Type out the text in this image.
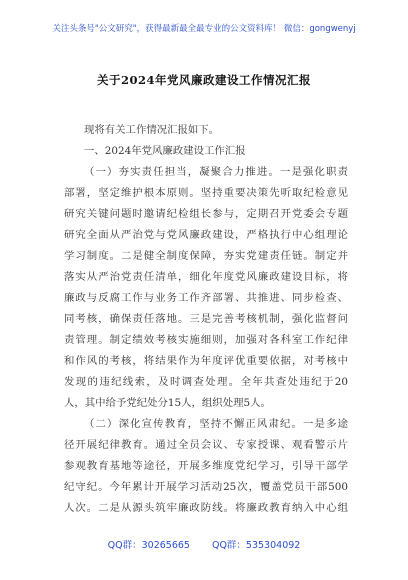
关注头条号"公文研究"，获得最新最全最专业的公文资料库！ 微信：gongwenyj
关于2024年党风廉政建设工作情况汇报
现将有关工作情况汇报如下。
一、2024年党风廉政建设工作汇报
（一）夯实责任担当，凝聚合力推进。一是强化职责
部署，坚定维护根本原则。坚持重要决策先听取纪检意见
研究关键问题时邀请纪检组长参与，定期召开党委会专题
研究全面从严治党与党风廉政建设，严格执行中心组理论
学习制度。二是健全制度保障，夯实党建责任链。制定并
落实从严治党责任清单，细化年度党风廉政建设目标，将
廉政与反腐工作与业务工作齐部署、共推进、同步检查、
同考核，确保责任落地。三是完善考核机制，强化监督问
责管理。制定绩效考核实施细则，加强对各科室工作纪律
和作风的考核，将结果作为年度评优重要依据，对考核中
发现的违纪线索，及时调查处理。全年共查处违纪于20
人，其中给予党纪处分15人，组织处理5人。
（二）深化宣传教育，坚持不懈正风肃纪。一是多途
径开展纪律教育。通过全员会议、专家授课、观看警示片
参观教育基地等途径，开展多维度党纪学习，引导干部学
纪守纪。今年累计开展学习活动25次，覆盖党员干部500
人次。二是从源头筑牢廉政防线。将廉政教育纳入中心组
QQ群：30265665 QQ群：535304092
